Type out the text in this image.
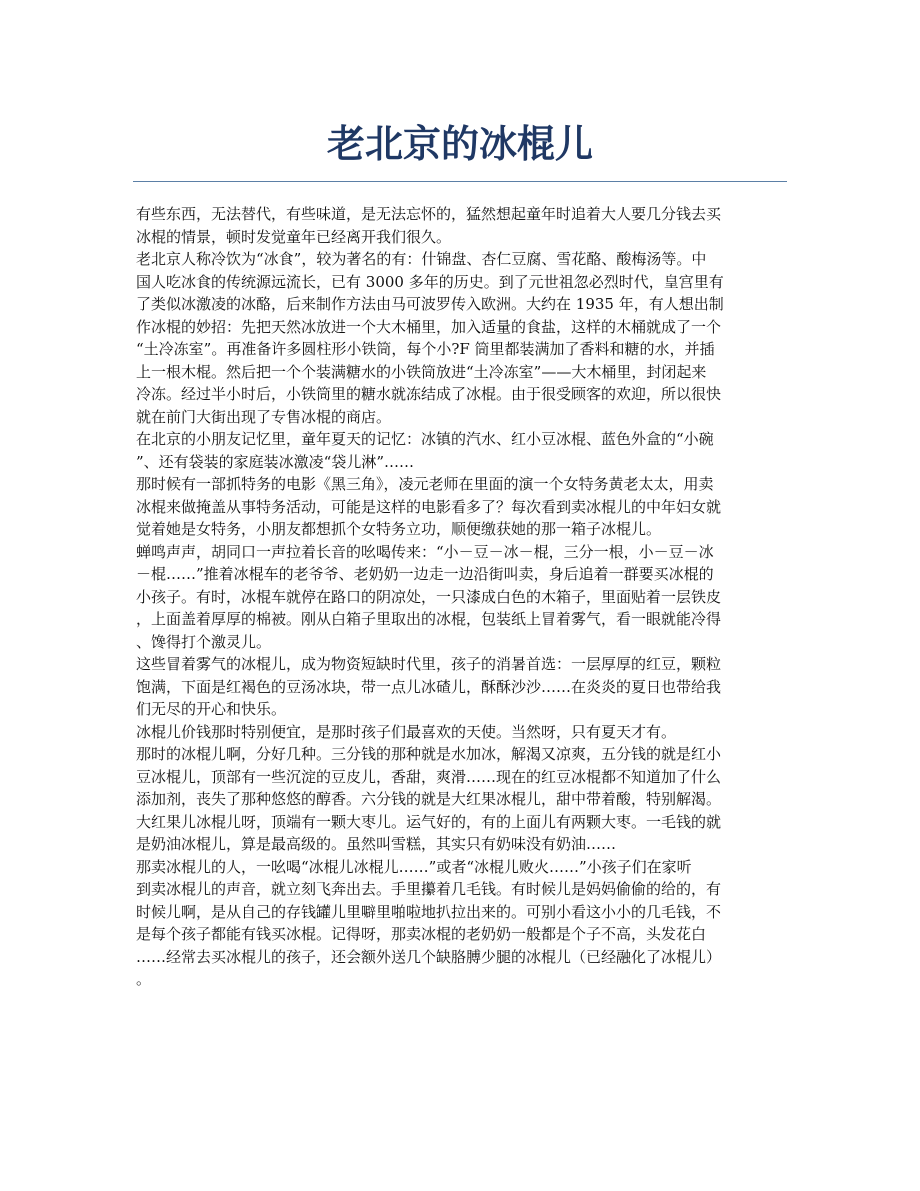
老北京的冰棍儿
有些东西，无法替代，有些味道，是无法忘怀的，猛然想起童年时追着大人要几分钱去买
冰棍的情景，顿时发觉童年已经离开我们很久。
老北京人称冷饮为“冰食”，较为著名的有：什锦盘、杏仁豆腐、雪花酪、酸梅汤等。中
国人吃冰食的传统源远流长，已有 3000 多年的历史。到了元世祖忽必烈时代，皇宫里有
了类似冰激凌的冰酪，后来制作方法由马可波罗传入欧洲。大约在 1935 年，有人想出制
作冰棍的妙招：先把天然冰放进一个大木桶里，加入适量的食盐，这样的木桶就成了一个
“土冷冻室”。再准备许多圆柱形小铁筒，每个小?F 筒里都装满加了香料和糖的水，并插
上一根木棍。然后把一个个装满糖水的小铁筒放进“土冷冻室”——大木桶里，封闭起来
冷冻。经过半小时后，小铁筒里的糖水就冻结成了冰棍。由于很受顾客的欢迎，所以很快
就在前门大街出现了专售冰棍的商店。
在北京的小朋友记忆里，童年夏天的记忆：冰镇的汽水、红小豆冰棍、蓝色外盒的“小碗
”、还有袋装的家庭装冰激凌“袋儿淋”……
那时候有一部抓特务的电影《黑三角》，凌元老师在里面的演一个女特务黄老太太，用卖
冰棍来做掩盖从事特务活动，可能是这样的电影看多了？每次看到卖冰棍儿的中年妇女就
觉着她是女特务，小朋友都想抓个女特务立功，顺便缴获她的那一箱子冰棍儿。
蝉鸣声声，胡同口一声拉着长音的吆喝传来：“小－豆－冰－棍，三分一根，小－豆－冰
－棍……”推着冰棍车的老爷爷、老奶奶一边走一边沿街叫卖，身后追着一群要买冰棍的
小孩子。有时，冰棍车就停在路口的阴凉处，一只漆成白色的木箱子，里面贴着一层铁皮
，上面盖着厚厚的棉被。刚从白箱子里取出的冰棍，包装纸上冒着雾气，看一眼就能冷得
、馋得打个激灵儿。
这些冒着雾气的冰棍儿，成为物资短缺时代里，孩子的消暑首选：一层厚厚的红豆，颗粒
饱满，下面是红褐色的豆汤冰块，带一点儿冰碴儿，酥酥沙沙……在炎炎的夏日也带给我
们无尽的开心和快乐。
冰棍儿价钱那时特别便宜，是那时孩子们最喜欢的天使。当然呀，只有夏天才有。
那时的冰棍儿啊，分好几种。三分钱的那种就是水加冰，解渴又凉爽，五分钱的就是红小
豆冰棍儿，顶部有一些沉淀的豆皮儿，香甜，爽滑……现在的红豆冰棍都不知道加了什么
添加剂，丧失了那种悠悠的醇香。六分钱的就是大红果冰棍儿，甜中带着酸，特别解渴。
大红果儿冰棍儿呀，顶端有一颗大枣儿。运气好的，有的上面儿有两颗大枣。一毛钱的就
是奶油冰棍儿，算是最高级的。虽然叫雪糕，其实只有奶味没有奶油……
那卖冰棍儿的人，一吆喝“冰棍儿冰棍儿……”或者“冰棍儿败火……”小孩子们在家听
到卖冰棍儿的声音，就立刻飞奔出去。手里攥着几毛钱。有时候儿是妈妈偷偷的给的，有
时候儿啊，是从自己的存钱罐儿里噼里啪啦地扒拉出来的。可别小看这小小的几毛钱，不
是每个孩子都能有钱买冰棍。记得呀，那卖冰棍的老奶奶一般都是个子不高，头发花白
……经常去买冰棍儿的孩子，还会额外送几个缺胳膊少腿的冰棍儿（已经融化了冰棍儿）
。
